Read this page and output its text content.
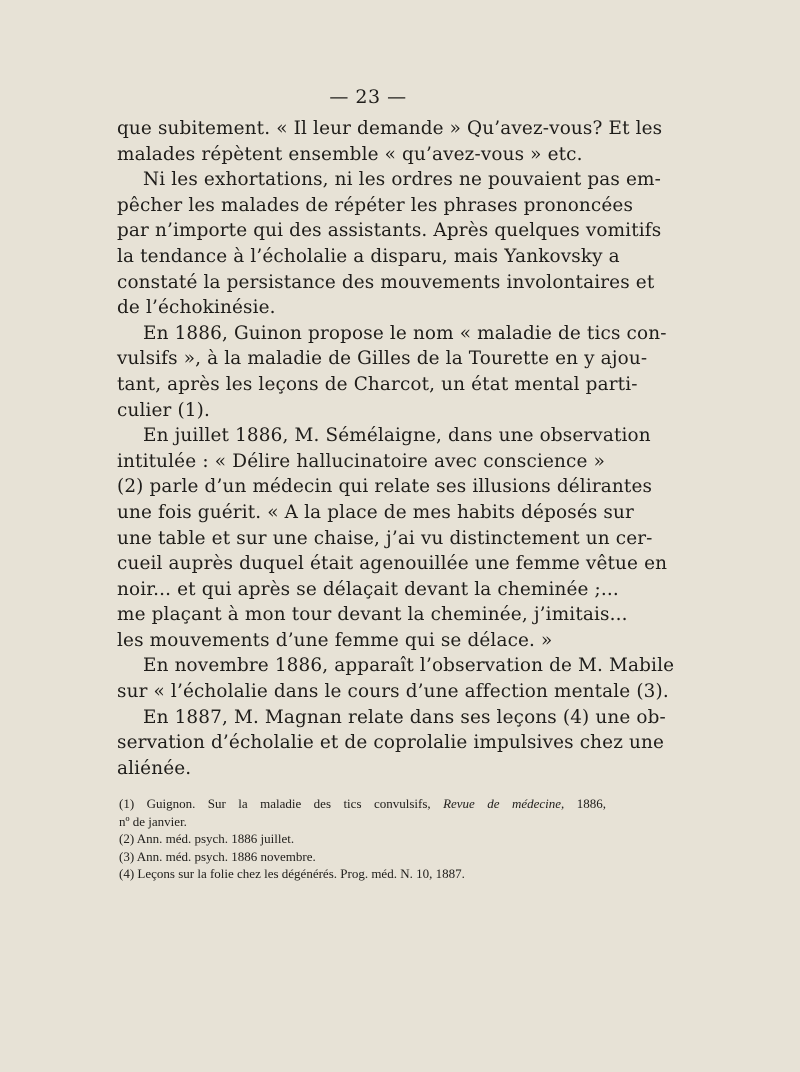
— 23 —
que subitement. « Il leur demande » Qu’avez-vous? Et les
malades répètent ensemble « qu’avez-vous » etc.
Ni les exhortations, ni les ordres ne pouvaient pas em-
pêcher les malades de répéter les phrases prononcées
par n’importe qui des assistants. Après quelques vomitifs
la tendance à l’écholalie a disparu, mais Yankovsky a
constaté la persistance des mouvements involontaires et
de l’échokinésie.
En 1886, Guinon propose le nom « maladie de tics con-
vulsifs », à la maladie de Gilles de la Tourette en y ajou-
tant, après les leçons de Charcot, un état mental parti-
culier (1).
En juillet 1886, M. Sémélaigne, dans une observation
intitulée : « Délire hallucinatoire avec conscience »
(2) parle d’un médecin qui relate ses illusions délirantes
une fois guérit. « A la place de mes habits déposés sur
une table et sur une chaise, j’ai vu distinctement un cer-
cueil auprès duquel était agenouillée une femme vêtue en
noir... et qui après se délaçait devant la cheminée ;...
me plaçant à mon tour devant la cheminée, j’imitais...
les mouvements d’une femme qui se délace. »
En novembre 1886, apparaît l’observation de M. Mabile
sur « l’écholalie dans le cours d’une affection mentale (3).
En 1887, M. Magnan relate dans ses leçons (4) une ob-
servation d’écholalie et de coprolalie impulsives chez une
aliénée.
(1) Guignon. Sur la maladie des tics convulsifs, Revue de médecine, 1886,
nº de janvier.
(2) Ann. méd. psych. 1886 juillet.
(3) Ann. méd. psych. 1886 novembre.
(4) Leçons sur la folie chez les dégénérés. Prog. méd. N. 10, 1887.
